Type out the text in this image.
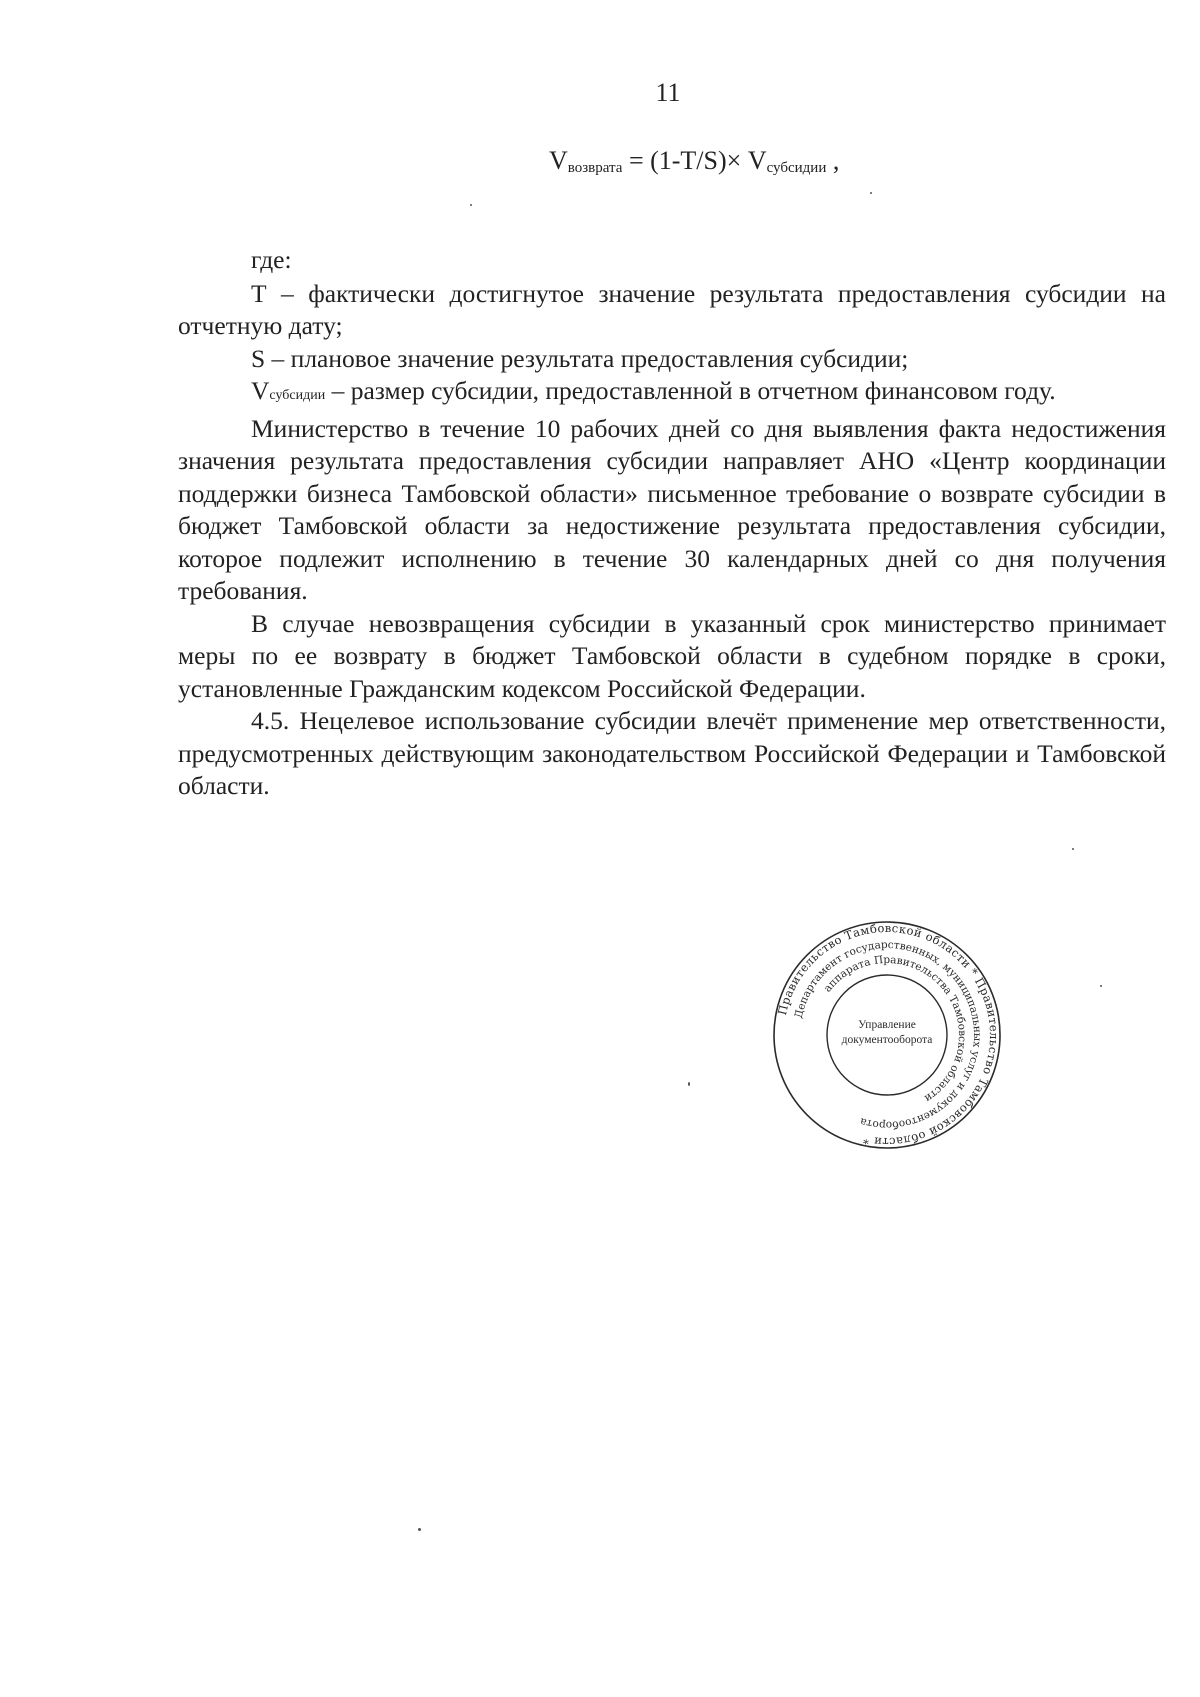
11
Vвозврата = (1-T/S)× Vсубсидии ,

где:

Т – фактически достигнутое значение результата предоставления субсидии на отчетную дату;

S – плановое значение результата предоставления субсидии;

Vсубсидии – размер субсидии, предоставленной в отчетном финансовом году.

Министерство в течение 10 рабочих дней со дня выявления факта недостижения значения результата предоставления субсидии направляет АНО «Центр координации поддержки бизнеса Тамбовской области» письменное требование о возврате субсидии в бюджет Тамбовской области за недостижение результата предоставления субсидии, которое подлежит исполнению в течение 30 календарных дней со дня получения требования.

В случае невозвращения субсидии в указанный срок министерство принимает меры по ее возврату в бюджет Тамбовской области в судебном порядке в сроки, установленные Гражданским кодексом Российской Федерации.

4.5. Нецелевое использование субсидии влечёт применение мер ответственности, предусмотренных действующим законодательством Российской Федерации и Тамбовской области.

Правительство Тамбовской области * Правительство Тамбовской области *
Департамент государственных, муниципальных услуг и документооборота
аппарата Правительства Тамбовской области
Управление
документооборота
